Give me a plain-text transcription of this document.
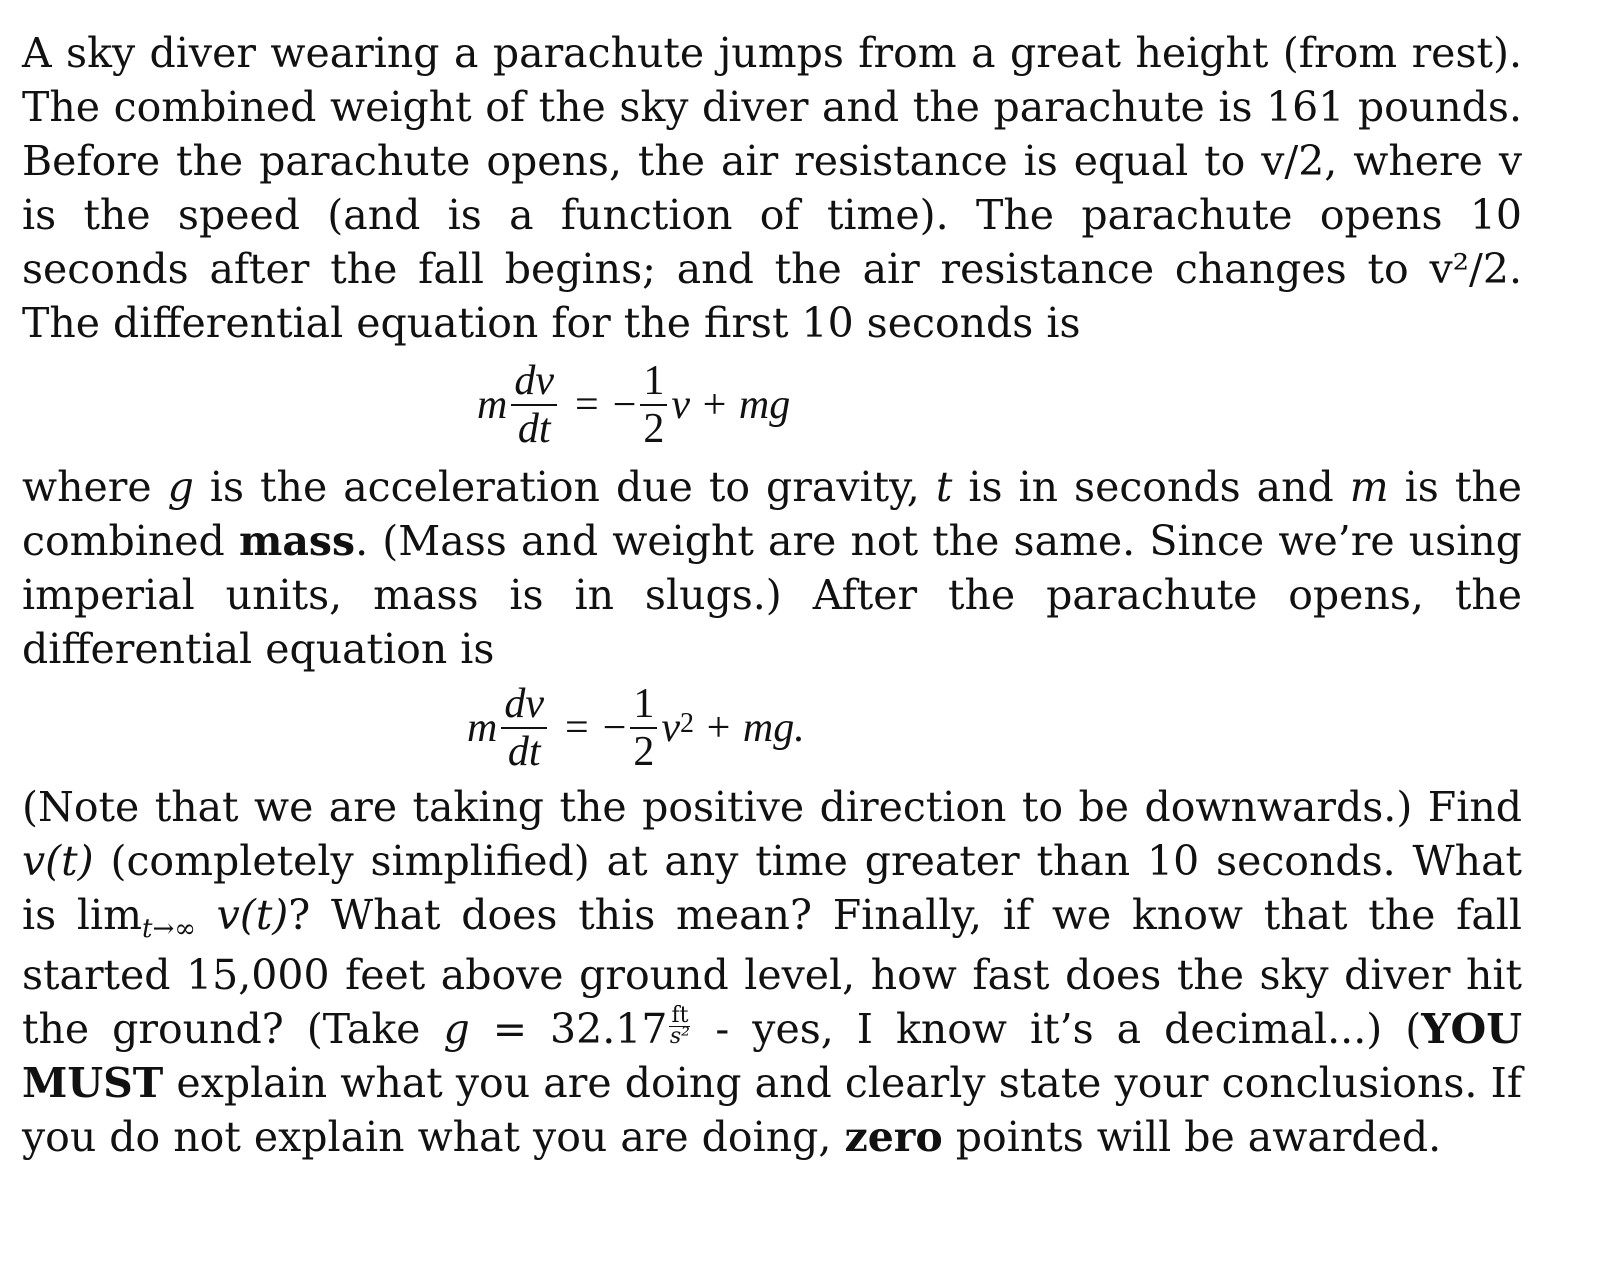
A sky diver wearing a parachute jumps from a great height (from rest). The combined weight of the sky diver and the parachute is 161 pounds. Before the parachute opens, the air resistance is equal to v/2, where v is the speed (and is a function of time). The parachute opens 10 seconds after the fall begins; and the air resistance changes to v²/2. The differential equation for the first 10 seconds is

m $\frac{dv}{dt}$ = − $\frac{1}{2}$ v + mg

where g is the acceleration due to gravity, t is in seconds and m is the combined mass. (Mass and weight are not the same. Since we’re using imperial units, mass is in slugs.) After the parachute opens, the differential equation is

m $\frac{dv}{dt}$ = − $\frac{1}{2}$ v 2 + mg.

(Note that we are taking the positive direction to be downwards.) Find v(t) (completely simplified) at any time greater than 10 seconds. What is limt→∞ v(t)? What does this mean? Finally, if we know that the fall started 15,000 feet above ground level, how fast does the sky diver hit the ground? (Take $g = 32.17 \frac{ft}{\text{s²}}$ - yes, I know it’s a decimal...) (YOU MUST explain what you are doing and clearly state your conclusions. If you do not explain what you are doing, zero points will be awarded.
